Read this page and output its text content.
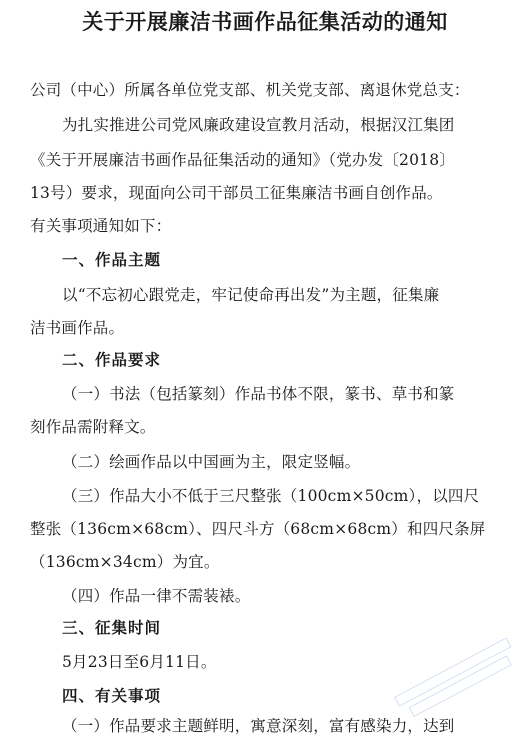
关于开展廉洁书画作品征集活动的通知
公司（中心）所属各单位党支部、机关党支部、离退休党总支：
为扎实推进公司党风廉政建设宣教月活动，根据汉江集团
《关于开展廉洁书画作品征集活动的通知》（党办发〔2018〕
13号）要求，现面向公司干部员工征集廉洁书画自创作品。
有关事项通知如下：
一、作品主题
以“不忘初心跟党走，牢记使命再出发”为主题，征集廉
洁书画作品。
二、作品要求
（一）书法（包括篆刻）作品书体不限，篆书、草书和篆
刻作品需附释文。
（二）绘画作品以中国画为主，限定竖幅。
（三）作品大小不低于三尺整张（100cm×50cm），以四尺
整张（136cm×68cm）、四尺斗方（68cm×68cm）和四尺条屏
（136cm×34cm）为宜。
（四）作品一律不需装裱。
三、征集时间
5月23日至6月11日。
四、有关事项
（一）作品要求主题鲜明，寓意深刻，富有感染力，达到
